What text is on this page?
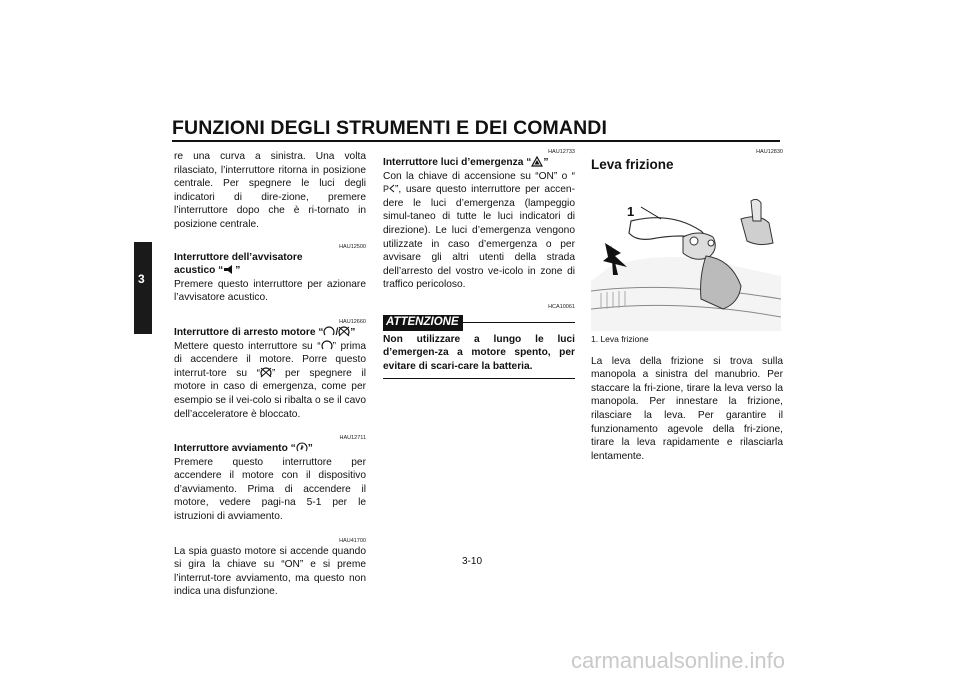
FUNZIONI DEGLI STRUMENTI E DEI COMANDI
3

re una curva a sinistra. Una volta rilasciato, l’interruttore ritorna in posizione centrale. Per spegnere le luci degli indicatori di dire-zione, premere l’interruttore dopo che è ri-tornato in posizione centrale.

HAU12500
Interruttore dell’avvisatore
acustico “ ”

Premere questo interruttore per azionare l’avvisatore acustico.

HAU12660
Interruttore di arresto motore “ / ”

Mettere questo interruttore su “ ” prima di accendere il motore. Porre questo interrut-tore su “ ” per spegnere il motore in caso di emergenza, come per esempio se il vei-colo si ribalta o se il cavo dell’acceleratore è bloccato.

HAU12711
Interruttore avviamento “ ”

Premere questo interruttore per accendere il motore con il dispositivo d’avviamento. Prima di accendere il motore, vedere pagi-na 5-1 per le istruzioni di avviamento.

HAU41700

La spia guasto motore si accende quando si gira la chiave su “ON” e si preme l’interrut-tore avviamento, ma questo non indica una disfunzione.

HAU12733
Interruttore luci d’emergenza “ ”

Con la chiave di accensione su “ON” o “
P ”, usare questo interruttore per accen-dere le luci d’emergenza (lampeggio simul-taneo di tutte le luci indicatori di direzione). Le luci d’emergenza vengono utilizzate in caso d’emergenza o per avvisare gli altri utenti della strada dell’arresto del vostro ve-icolo in zone di traffico pericoloso.

HCA10061
ATTENZIONE

Non utilizzare a lungo le luci d’emergen-za a motore spento, per evitare di scari-care la batteria.

HAU12830
Leva frizione
1
1. Leva frizione

La leva della frizione si trova sulla manopola a sinistra del manubrio. Per staccare la fri-zione, tirare la leva verso la manopola. Per innestare la frizione, rilasciare la leva. Per garantire il funzionamento agevole della fri-zione, tirare la leva rapidamente e rilasciarla lentamente.

3-10
carmanualsonline.info
